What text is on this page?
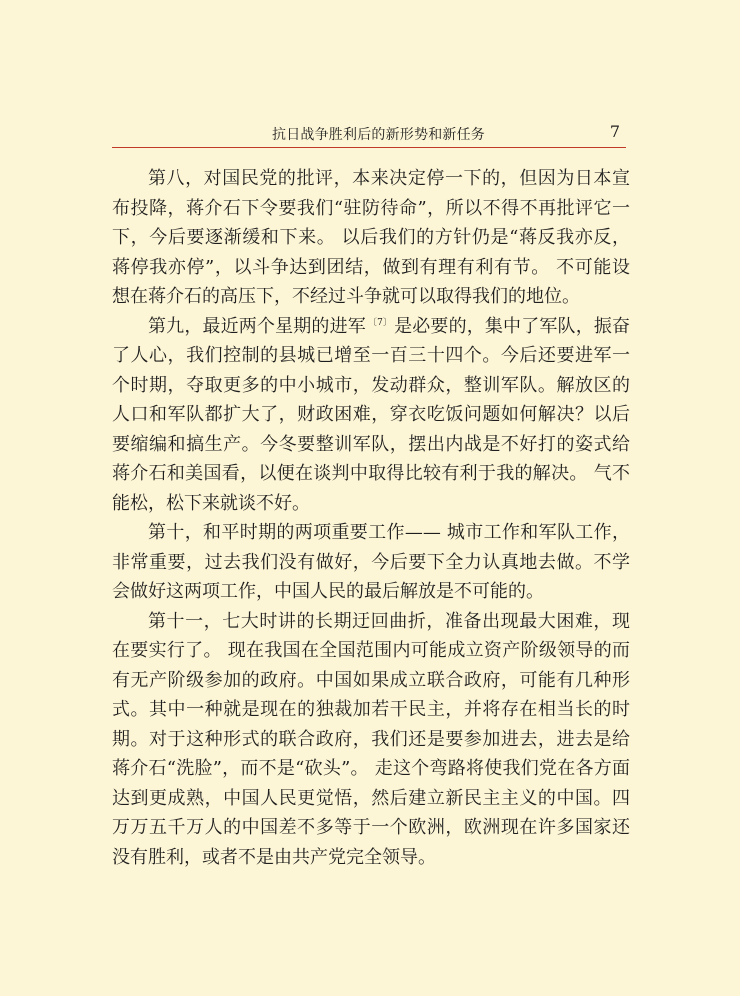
抗日战争胜利后的新形势和新任务	7

第八，对国民党的批评，本来决定停一下的，但因为日本宣布投降，蒋介石下令要我们“驻防待命”，所以不得不再批评它一下，今后要逐渐缓和下来。 以后我们的方针仍是“蒋反我亦反，蒋停我亦停”，以斗争达到团结，做到有理有利有节。 不可能设想在蒋介石的高压下，不经过斗争就可以取得我们的地位。

第九，最近两个星期的进军 $^{〔7〕}$ 是必要的，集中了军队，振奋了人心，我们控制的县城已增至一百三十四个。今后还要进军一个时期，夺取更多的中小城市，发动群众，整训军队。解放区的人口和军队都扩大了，财政困难，穿衣吃饭问题如何解决？以后要缩编和搞生产。今冬要整训军队，摆出内战是不好打的姿式给蒋介石和美国看，以便在谈判中取得比较有利于我的解决。 气不能松，松下来就谈不好。

第十，和平时期的两项重要工作—— 城市工作和军队工作，非常重要，过去我们没有做好，今后要下全力认真地去做。不学会做好这两项工作，中国人民的最后解放是不可能的。

第十一，七大时讲的长期迂回曲折，准备出现最大困难，现在要实行了。 现在我国在全国范围内可能成立资产阶级领导的而有无产阶级参加的政府。中国如果成立联合政府，可能有几种形式。其中一种就是现在的独裁加若干民主，并将存在相当长的时期。对于这种形式的联合政府，我们还是要参加进去，进去是给蒋介石“洗脸”，而不是“砍头”。 走这个弯路将使我们党在各方面达到更成熟，中国人民更觉悟，然后建立新民主主义的中国。四万万五千万人的中国差不多等于一个欧洲，欧洲现在许多国家还没有胜利，或者不是由共产党完全领导。
